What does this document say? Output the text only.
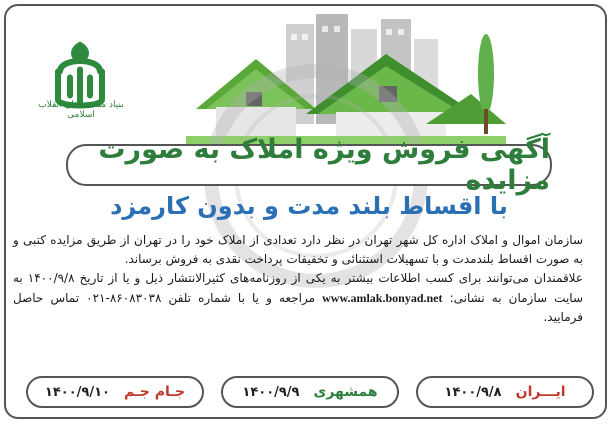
بنیاد مستضعفان انقلاب اسلامی
آگهی فروش ویژه املاک به صورت مزایده
با اقساط بلند مدت و بدون کارمزد

سازمان اموال و املاک اداره کل شهر تهران در نظر دارد تعدادی از املاک خود را در تهران از طریق مزایده کتبی و به صورت اقساط بلندمدت و با تسهیلات استثنائی و تخفیفات پرداخت نقدی به فروش برساند.

علاقمندان می‌توانند برای کسب اطلاعات بیشتر به یکی از روزنامه‌های کثیرالانتشار ذیل و یا از تاریخ ۱۴۰۰/۹/۸ به سایت سازمان به نشانی: www.amlak.bonyad.net مراجعه و یا با شماره تلفن ۸۶۰۸۳۰۳۸-۰۲۱ تماس حاصل فرمایید.

ایـــران
۱۴۰۰/۹/۸
همشهری
۱۴۰۰/۹/۹
جـام جـم
۱۴۰۰/۹/۱۰
